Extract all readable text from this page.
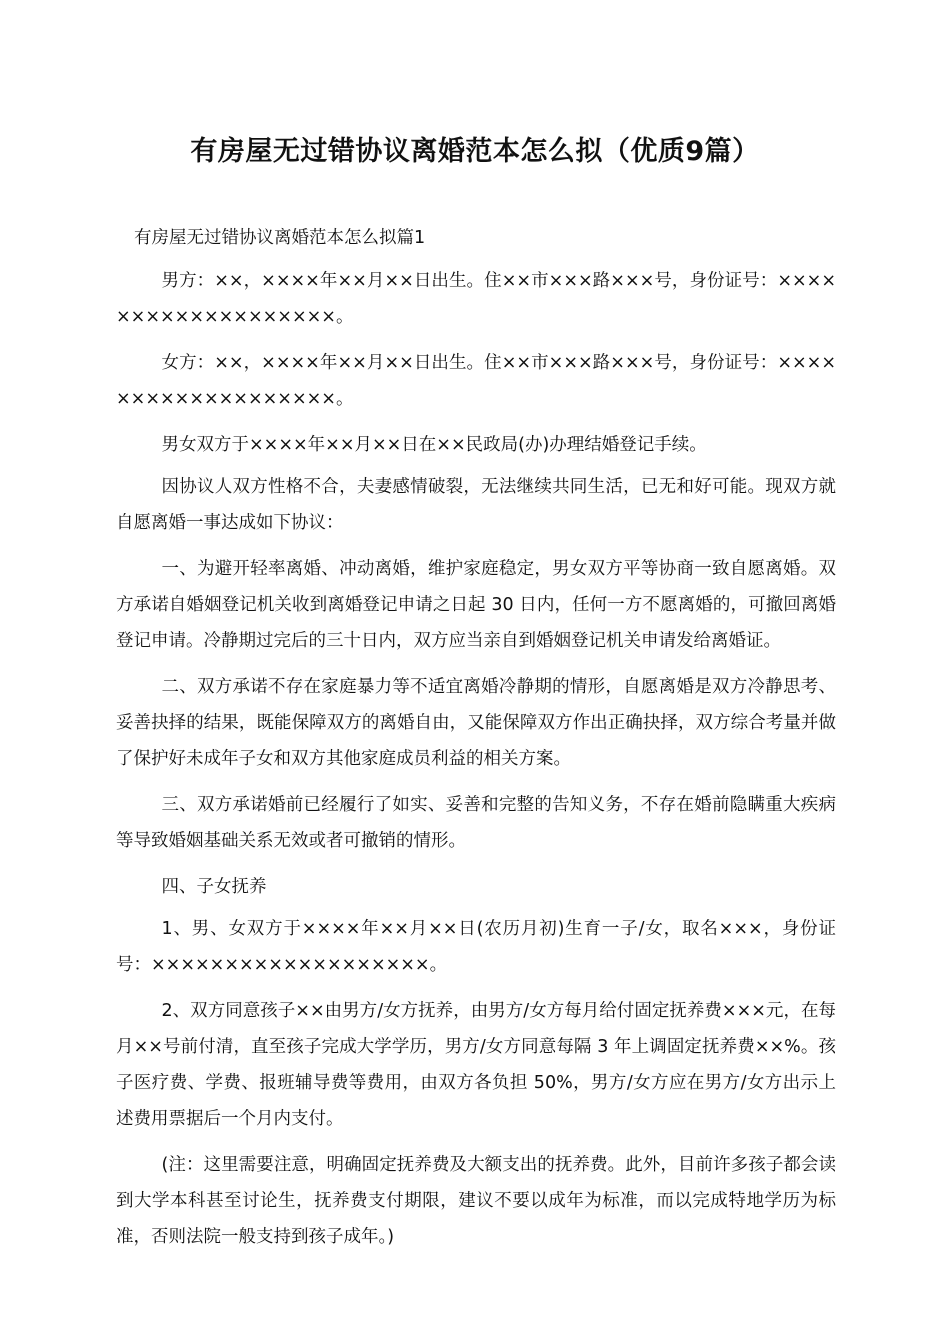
有房屋无过错协议离婚范本怎么拟（优质9篇）

有房屋无过错协议离婚范本怎么拟篇1

男方：××，××××年××月××日出生。住××市×××路×××号，身份证号：×××××××××××××××××××。

女方：××，××××年××月××日出生。住××市×××路×××号，身份证号：×××××××××××××××××××。

男女双方于××××年××月××日在××民政局(办)办理结婚登记手续。

因协议人双方性格不合，夫妻感情破裂，无法继续共同生活，已无和好可能。现双方就自愿离婚一事达成如下协议：

一、为避开轻率离婚、冲动离婚，维护家庭稳定，男女双方平等协商一致自愿离婚。双方承诺自婚姻登记机关收到离婚登记申请之日起 30 日内，任何一方不愿离婚的，可撤回离婚登记申请。冷静期过完后的三十日内，双方应当亲自到婚姻登记机关申请发给离婚证。

二、双方承诺不存在家庭暴力等不适宜离婚冷静期的情形，自愿离婚是双方冷静思考、妥善抉择的结果，既能保障双方的离婚自由，又能保障双方作出正确抉择，双方综合考量并做了保护好未成年子女和双方其他家庭成员利益的相关方案。

三、双方承诺婚前已经履行了如实、妥善和完整的告知义务，不存在婚前隐瞒重大疾病等导致婚姻基础关系无效或者可撤销的情形。

四、子女抚养

1、男、女双方于××××年××月××日(农历月初)生育一子/女，取名×××，身份证号：×××××××××××××××××××。

2、双方同意孩子××由男方/女方抚养，由男方/女方每月给付固定抚养费×××元，在每月××号前付清，直至孩子完成大学学历，男方/女方同意每隔 3 年上调固定抚养费××%。孩子医疗费、学费、报班辅导费等费用，由双方各负担 50%，男方/女方应在男方/女方出示上述费用票据后一个月内支付。

(注：这里需要注意，明确固定抚养费及大额支出的抚养费。此外，目前许多孩子都会读到大学本科甚至讨论生，抚养费支付期限，建议不要以成年为标准，而以完成特地学历为标准，否则法院一般支持到孩子成年。)
